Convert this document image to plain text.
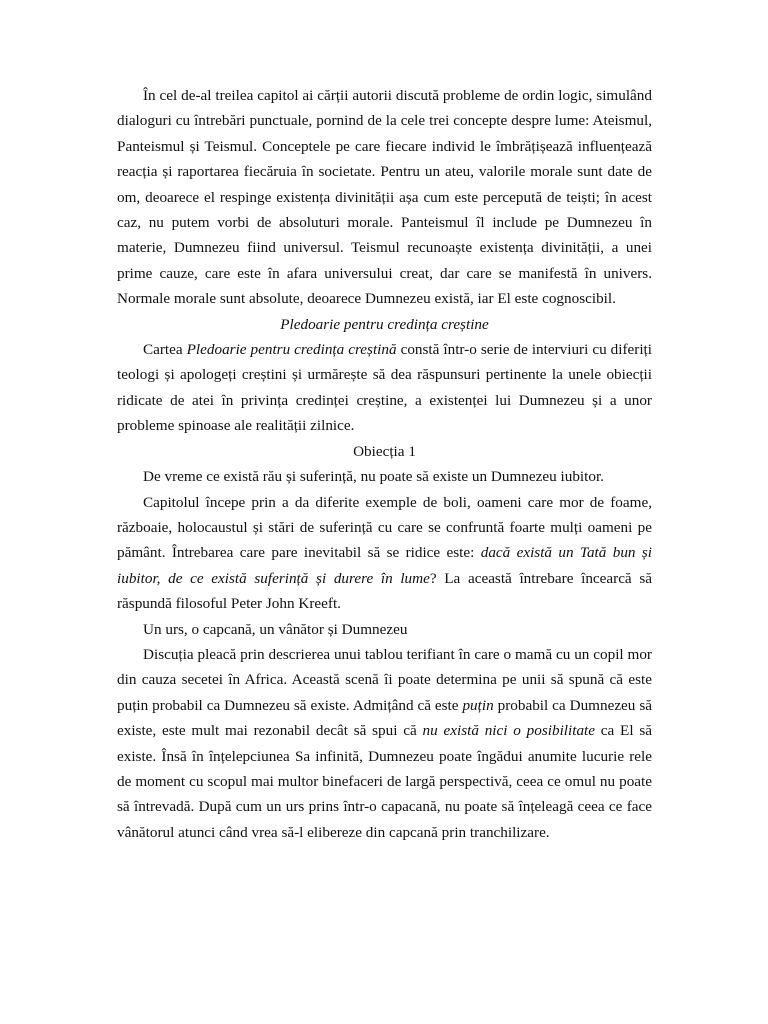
În cel de-al treilea capitol ai cărții autorii discută probleme de ordin logic, simulând dialoguri cu întrebări punctuale, pornind de la cele trei concepte despre lume: Ateismul, Panteismul și Teismul. Conceptele pe care fiecare individ le îmbrățișează influențează reacția și raportarea fiecăruia în societate. Pentru un ateu, valorile morale sunt date de om, deoarece el respinge existența divinității așa cum este percepută de teiști; în acest caz, nu putem vorbi de absoluturi morale. Panteismul îl include pe Dumnezeu în materie, Dumnezeu fiind universul. Teismul recunoaște existența divinității, a unei prime cauze, care este în afara universului creat, dar care se manifestă în univers. Normale morale sunt absolute, deoarece Dumnezeu există, iar El este cognoscibil.

Pledoarie pentru credința creștine

Cartea Pledoarie pentru credința creștină constă într-o serie de interviuri cu diferiți teologi și apologeți creștini și urmărește să dea răspunsuri pertinente la unele obiecții ridicate de atei în privința credinței creștine, a existenței lui Dumnezeu și a unor probleme spinoase ale realității zilnice.

Obiecția 1

De vreme ce există rău și suferință, nu poate să existe un Dumnezeu iubitor.

Capitolul începe prin a da diferite exemple de boli, oameni care mor de foame, războaie, holocaustul și stări de suferință cu care se confruntă foarte mulți oameni pe pământ. Întrebarea care pare inevitabil să se ridice este: dacă există un Tată bun și iubitor, de ce există suferință și durere în lume? La această întrebare încearcă să răspundă filosoful Peter John Kreeft.

Un urs, o capcană, un vânător și Dumnezeu

Discuția pleacă prin descrierea unui tablou terifiant în care o mamă cu un copil mor din cauza secetei în Africa. Această scenă îi poate determina pe unii să spună că este puțin probabil ca Dumnezeu să existe. Admițând că este puțin probabil ca Dumnezeu să existe, este mult mai rezonabil decât să spui că nu există nici o posibilitate ca El să existe. Însă în înțelepciunea Sa infinită, Dumnezeu poate îngădui anumite lucurie rele de moment cu scopul mai multor binefaceri de largă perspectivă, ceea ce omul nu poate să întrevadă. După cum un urs prins într-o capacană, nu poate să înțeleagă ceea ce face vânătorul atunci când vrea să-l elibereze din capcană prin tranchilizare.
